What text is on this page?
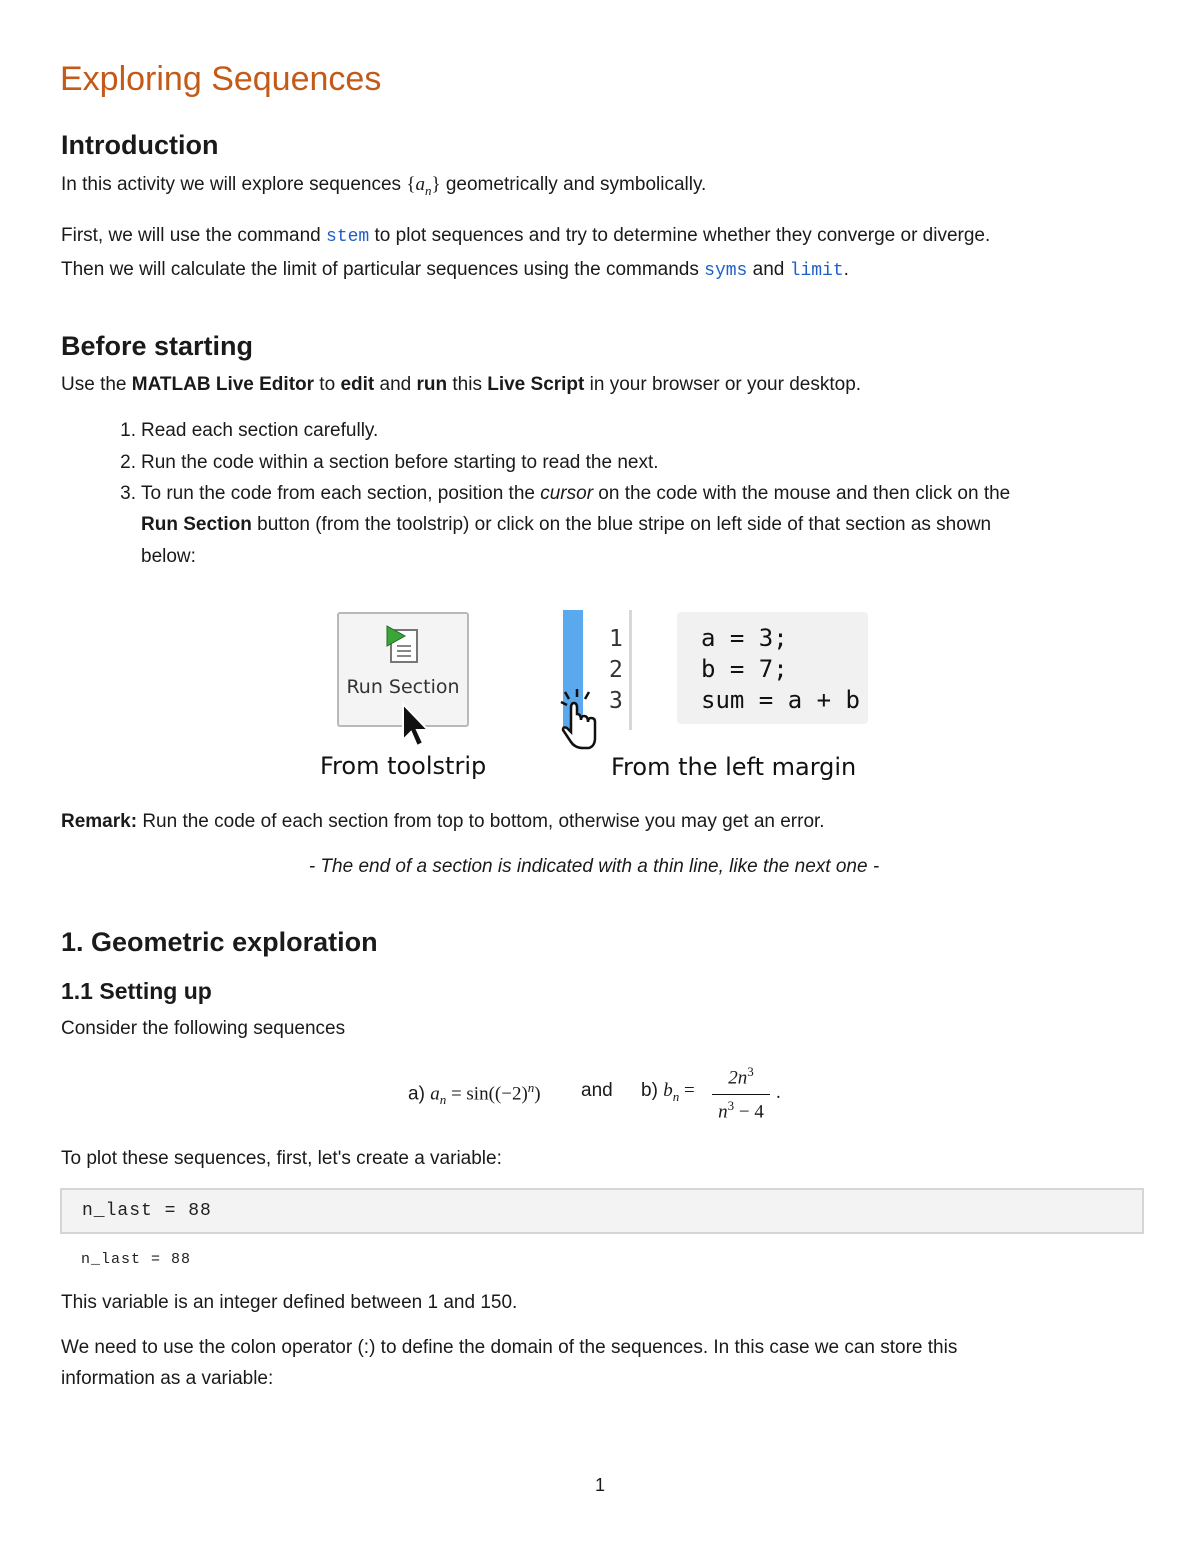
Exploring Sequences
Introduction

In this activity we will explore sequences $\{a_n\}$ geometrically and symbolically.

First, we will use the command stem to plot sequences and try to determine whether they converge or diverge.

Then we will calculate the limit of particular sequences using the commands syms and limit.

Before starting

Use the MATLAB Live Editor to edit and run this Live Script in your browser or your desktop.

1. Read each section carefully.
2. Run the code within a section before starting to read the next.
3. To run the code from each section, position the cursor on the code with the mouse and then click on the
Run Section button (from the toolstrip) or click on the blue stripe on left side of that section as shown
below:
Run Section
From toolstrip
1
2
3
a = 3;
b = 7;
sum = a + b
From the left margin

Remark: Run the code of each section from top to bottom, otherwise you may get an error.

- The end of a section is indicated with a thin line, like the next one -

1. Geometric exploration
1.1 Setting up

Consider the following sequences

a) $a_n = \sin((-2)^n)$ and b) $b_n$ =
$2n^3$
$n^3 - 4$
.

To plot these sequences, first, let's create a variable:

n_last = 88
n_last = 88

This variable is an integer defined between 1 and 150.

We need to use the colon operator (:) to define the domain of the sequences. In this case we can store this

information as a variable:

1
